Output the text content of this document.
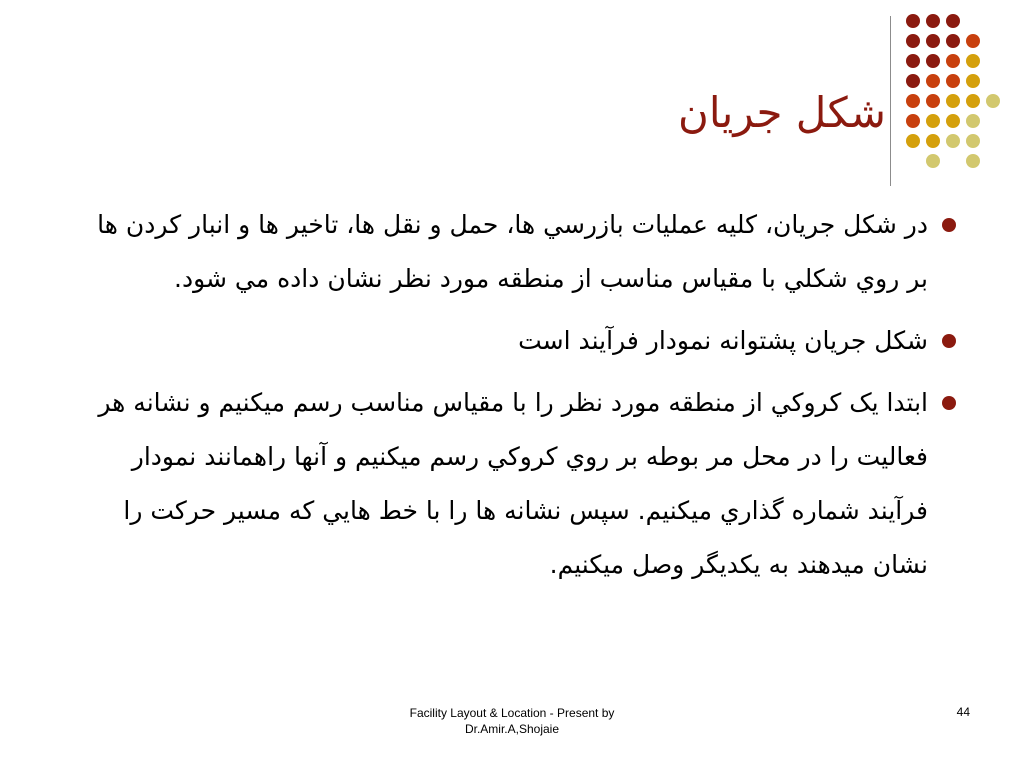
شكل جريان
در شكل جريان، كليه عمليات بازرسي ها، حمل و نقل ها، تاخير ها و انبار كردن ها بر روي شكلي با مقياس مناسب از منطقه مورد نظر نشان داده مي شود.
شكل جريان پشتوانه نمودار فرآيند است
ابتدا يک كروكي از منطقه مورد نظر را با مقياس مناسب رسم ميكنيم و نشانه هر فعاليت را در محل مر بوطه بر روي كروكي رسم ميكنيم و آنها راهمانند نمودار فرآيند شماره گذاري ميكنيم. سپس نشانه ها را با خط هايي كه مسير حركت را نشان ميدهند به يكديگر وصل ميكنيم.
Facility Layout & Location - Present by
Dr.Amir.A,Shojaie
44
